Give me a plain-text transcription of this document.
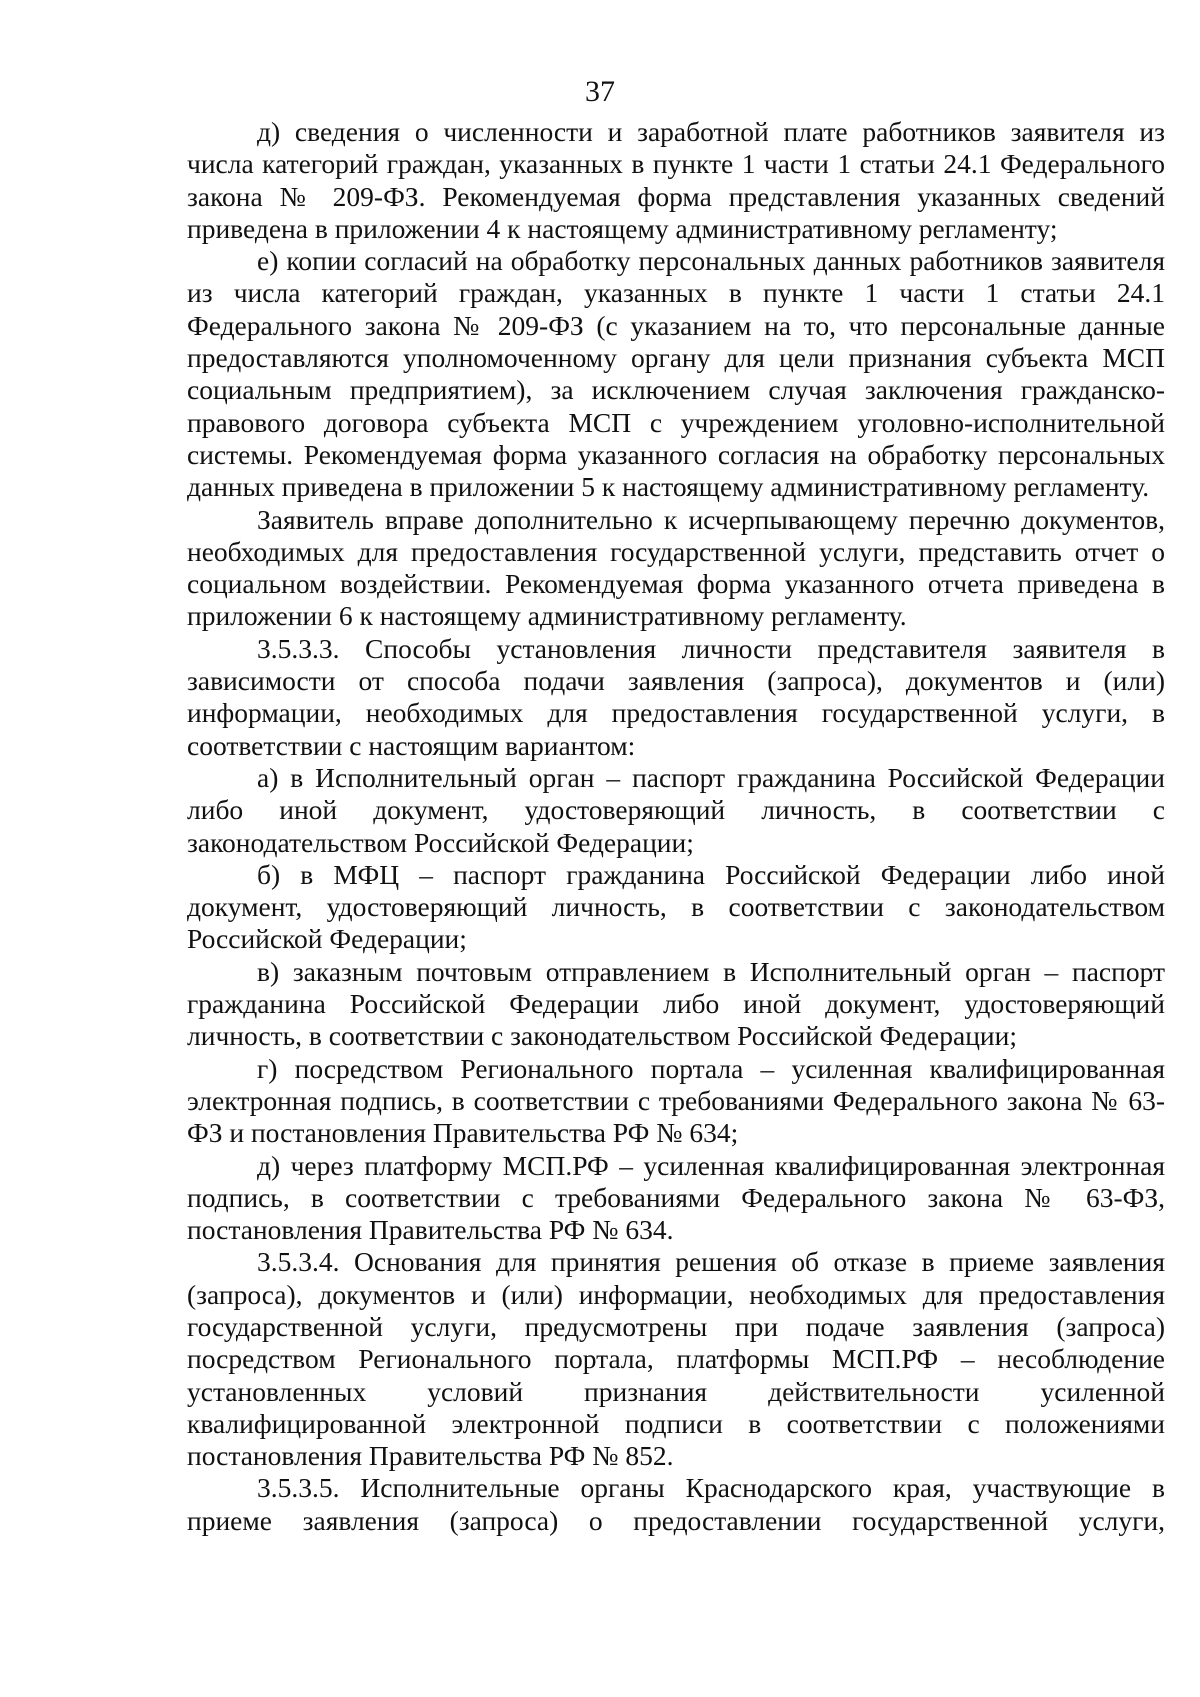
37

д) сведения о численности и заработной плате работников заявителя из числа категорий граждан, указанных в пункте 1 части 1 статьи 24.1 Федерального закона № 209-ФЗ. Рекомендуемая форма представления указанных сведений приведена в приложении 4 к настоящему административному регламенту;

е) копии согласий на обработку персональных данных работников заявителя из числа категорий граждан, указанных в пункте 1 части 1 статьи 24.1 Федерального закона № 209-ФЗ (с указанием на то, что персональные данные предоставляются уполномоченному органу для цели признания субъекта МСП социальным предприятием), за исключением случая заключения гражданско-правового договора субъекта МСП с учреждением уголовно-исполнительной системы. Рекомендуемая форма указанного согласия на обработку персональных данных приведена в приложении 5 к настоящему административному регламенту.

Заявитель вправе дополнительно к исчерпывающему перечню документов, необходимых для предоставления государственной услуги, представить отчет о социальном воздействии. Рекомендуемая форма указанного отчета приведена в приложении 6 к настоящему административному регламенту.

3.5.3.3. Способы установления личности представителя заявителя в зависимости от способа подачи заявления (запроса), документов и (или) информации, необходимых для предоставления государственной услуги, в соответствии с настоящим вариантом:

а) в Исполнительный орган – паспорт гражданина Российской Федерации либо иной документ, удостоверяющий личность, в соответствии с законодательством Российской Федерации;

б) в МФЦ – паспорт гражданина Российской Федерации либо иной документ, удостоверяющий личность, в соответствии с законодательством Российской Федерации;

в) заказным почтовым отправлением в Исполнительный орган – паспорт гражданина Российской Федерации либо иной документ, удостоверяющий личность, в соответствии с законодательством Российской Федерации;

г) посредством Регионального портала – усиленная квалифицированная электронная подпись, в соответствии с требованиями Федерального закона № 63-ФЗ и постановления Правительства РФ № 634;

д) через платформу МСП.РФ – усиленная квалифицированная электронная подпись, в соответствии с требованиями Федерального закона № 63-ФЗ, постановления Правительства РФ № 634.

3.5.3.4. Основания для принятия решения об отказе в приеме заявления (запроса), документов и (или) информации, необходимых для предоставления государственной услуги, предусмотрены при подаче заявления (запроса) посредством Регионального портала, платформы МСП.РФ – несоблюдение установленных условий признания действительности усиленной квалифицированной электронной подписи в соответствии с положениями постановления Правительства РФ № 852.

3.5.3.5. Исполнительные органы Краснодарского края, участвующие в приеме заявления (запроса) о предоставлении государственной услуги,
